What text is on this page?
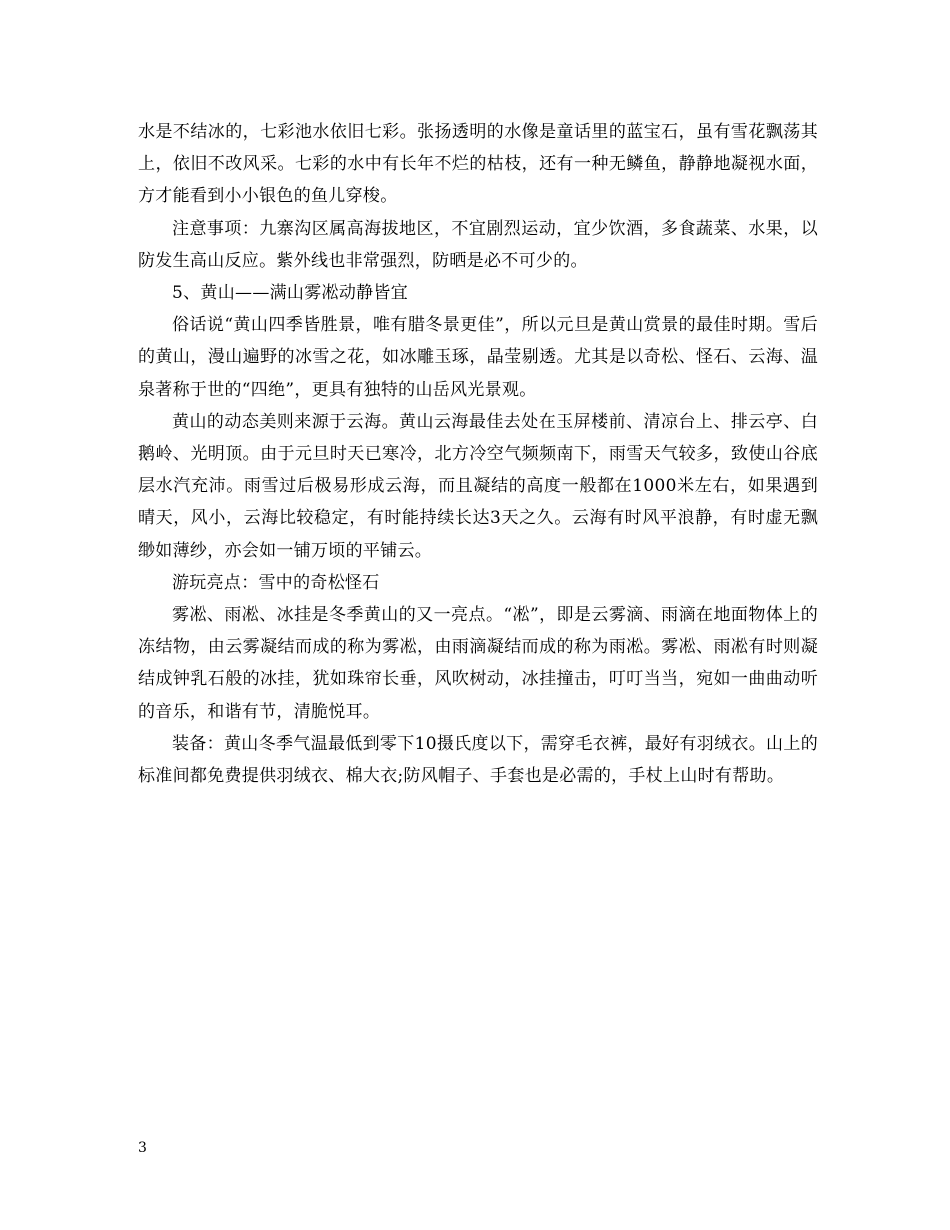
水是不结冰的，七彩池水依旧七彩。张扬透明的水像是童话里的蓝宝石，虽有雪花飘荡其上，依旧不改风采。七彩的水中有长年不烂的枯枝，还有一种无鳞鱼，静静地凝视水面，方才能看到小小银色的鱼儿穿梭。

注意事项：九寨沟区属高海拔地区，不宜剧烈运动，宜少饮酒，多食蔬菜、水果，以防发生高山反应。紫外线也非常强烈，防晒是必不可少的。

5、黄山——满山雾凇动静皆宜

俗话说“黄山四季皆胜景，唯有腊冬景更佳”，所以元旦是黄山赏景的最佳时期。雪后的黄山，漫山遍野的冰雪之花，如冰雕玉琢，晶莹剔透。尤其是以奇松、怪石、云海、温泉著称于世的“四绝”，更具有独特的山岳风光景观。

黄山的动态美则来源于云海。黄山云海最佳去处在玉屏楼前、清凉台上、排云亭、白鹅岭、光明顶。由于元旦时天已寒冷，北方冷空气频频南下，雨雪天气较多，致使山谷底层水汽充沛。雨雪过后极易形成云海，而且凝结的高度一般都在1000米左右，如果遇到晴天，风小，云海比较稳定，有时能持续长达3天之久。云海有时风平浪静，有时虚无飘缈如薄纱，亦会如一铺万顷的平铺云。

游玩亮点：雪中的奇松怪石

雾凇、雨凇、冰挂是冬季黄山的又一亮点。“凇”，即是云雾滴、雨滴在地面物体上的冻结物，由云雾凝结而成的称为雾凇，由雨滴凝结而成的称为雨凇。雾凇、雨凇有时则凝结成钟乳石般的冰挂，犹如珠帘长垂，风吹树动，冰挂撞击，叮叮当当，宛如一曲曲动听的音乐，和谐有节，清脆悦耳。

装备：黄山冬季气温最低到零下10摄氏度以下，需穿毛衣裤，最好有羽绒衣。山上的标准间都免费提供羽绒衣、棉大衣;防风帽子、手套也是必需的，手杖上山时有帮助。

3
